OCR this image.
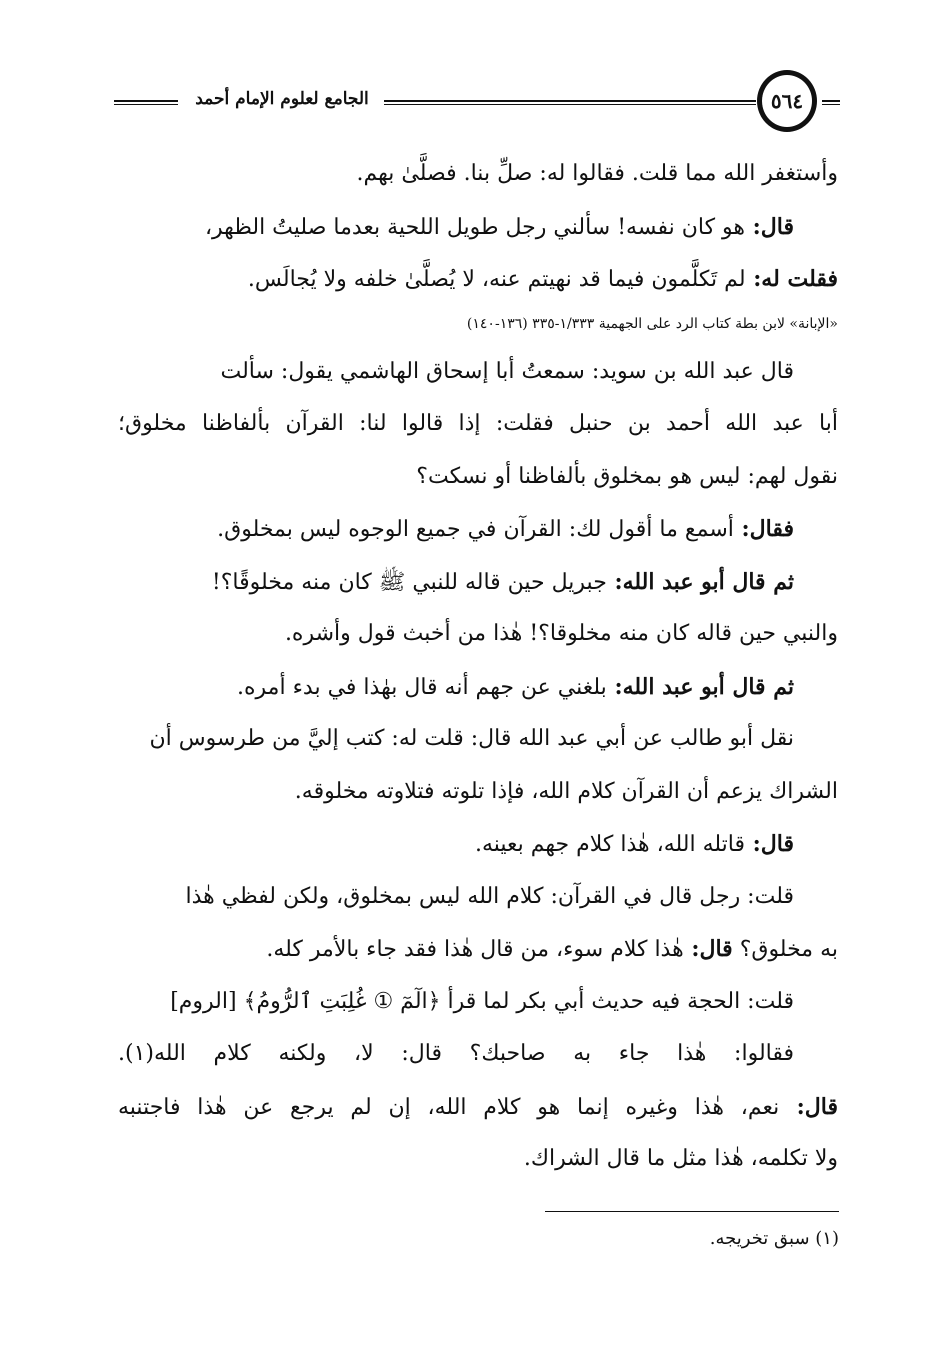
الجامع لعلوم الإمام أحمد	٥٦٤
وأستغفر الله مما قلت. فقالوا له: صلِّ بنا. فصلَّىٰ بهم.
قال: هو كان نفسه! سألني رجل طويل اللحية بعدما صليتُ الظهر،
فقلت له: لم تَكلَّمون فيما قد نهيتم عنه، لا يُصلَّىٰ خلفه ولا يُجالَس.
«الإبانة» لابن بطة كتاب الرد على الجهمية ١/٣٣٣-٣٣٥ (١٣٦-١٤٠)
قال عبد الله بن سويد: سمعتُ أبا إسحاق الهاشمي يقول: سألت
أبا عبد الله أحمد بن حنبل فقلت: إذا قالوا لنا: القرآن بألفاظنا مخلوق؛
نقول لهم: ليس هو بمخلوق بألفاظنا أو نسكت؟
فقال: أسمع ما أقول لك: القرآن في جميع الوجوه ليس بمخلوق.
ثم قال أبو عبد الله: جبريل حين قاله للنبي ﷺ كان منه مخلوقًا؟!
والنبي حين قاله كان منه مخلوقا؟! هٰذا من أخبث قول وأشره.
ثم قال أبو عبد الله: بلغني عن جهم أنه قال بهٰذا في بدء أمره.
نقل أبو طالب عن أبي عبد الله قال: قلت له: كتب إليَّ من طرسوس أن
الشراك يزعم أن القرآن كلام الله، فإذا تلوته فتلاوته مخلوقه.
قال: قاتله الله، هٰذا كلام جهم بعينه.
قلت: رجل قال في القرآن: كلام الله ليس بمخلوق، ولكن لفظي هٰذا
به مخلوق؟ قال: هٰذا كلام سوء، من قال هٰذا فقد جاء بالأمر كله.
قلت: الحجة فيه حديث أبي بكر لما قرأ ﴿الٓمٓ ① غُلِبَتِ ٱلرُّومُ﴾ [الروم]
فقالوا: هٰذا جاء به صاحبك؟ قال: لا، ولكنه كلام الله(١).
قال: نعم، هٰذا وغيره إنما هو كلام الله، إن لم يرجع عن هٰذا فاجتنبه
ولا تكلمه، هٰذا مثل ما قال الشراك.
(١) سبق تخريجه.
